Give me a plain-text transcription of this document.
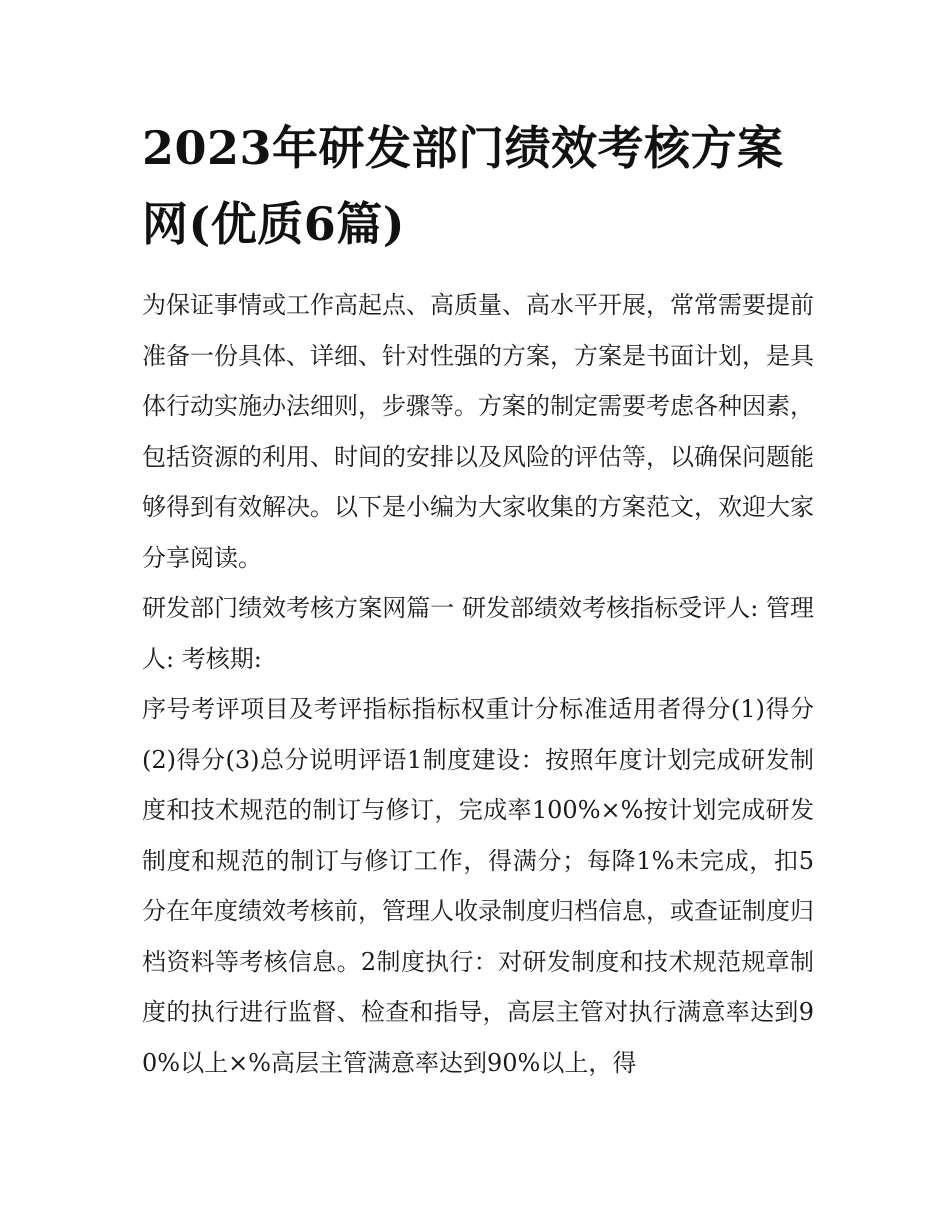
2023年研发部门绩效考核方案网(优质6篇)

为保证事情或工作高起点、高质量、高水平开展，常常需要提前准备一份具体、详细、针对性强的方案，方案是书面计划，是具体行动实施办法细则，步骤等。方案的制定需要考虑各种因素，包括资源的利用、时间的安排以及风险的评估等，以确保问题能够得到有效解决。以下是小编为大家收集的方案范文，欢迎大家分享阅读。

研发部门绩效考核方案网篇一 研发部绩效考核指标受评人: 管理人: 考核期:

序号考评项目及考评指标指标权重计分标准适用者得分(1)得分(2)得分(3)总分说明评语1制度建设：按照年度计划完成研发制度和技术规范的制订与修订，完成率100%×%按计划完成研发制度和规范的制订与修订工作，得满分；每降1%未完成，扣5分在年度绩效考核前，管理人收录制度归档信息，或查证制度归档资料等考核信息。2制度执行：对研发制度和技术规范规章制度的执行进行监督、检查和指导，高层主管对执行满意率达到90%以上×%高层主管满意率达到90%以上，得
